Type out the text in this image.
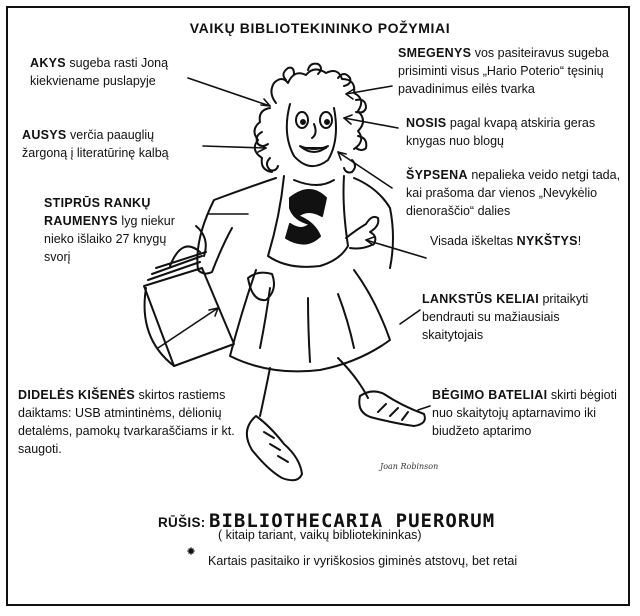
VAIKŲ BIBLIOTEKININKO POŽYMIAI
AKYS sugeba rasti Joną kiekviename puslapyje
AUSYS verčia paauglių žargoną į literatūrinę kalbą
STIPRŪS RANKŲ RAUMENYS lyg niekur nieko išlaiko 27 knygų svorį
DIDELĖS KIŠENĖS skirtos rastiems daiktams: USB atmintinėms, dėlionių detalėms, pamokų tvarkaraščiams ir kt. saugoti.
SMEGENYS vos pasiteiravus sugeba prisiminti visus „Hario Poterio“ tęsinių pavadinimus eilės tvarka
NOSIS pagal kvapą atskiria geras knygas nuo blogų
ŠYPSENA nepalieka veido netgi tada, kai prašoma dar vienos „Nevykėlio dienoraščio“ dalies
Visada iškeltas NYKŠTYS!
LANKSTŪS KELIAI pritaikyti bendrauti su mažiausiais skaitytojais
BĖGIMO BATELIAI skirti bėgioti nuo skaitytojų aptarnavimo iki biudžeto aptarimo
Joan Robinson
RŪŠIS: BIBLIOTHECARIA PUERORUM
( kitaip tariant, vaikų bibliotekininkas)
Kartais pasitaiko ir vyriškosios giminės atstovų, bet retai
